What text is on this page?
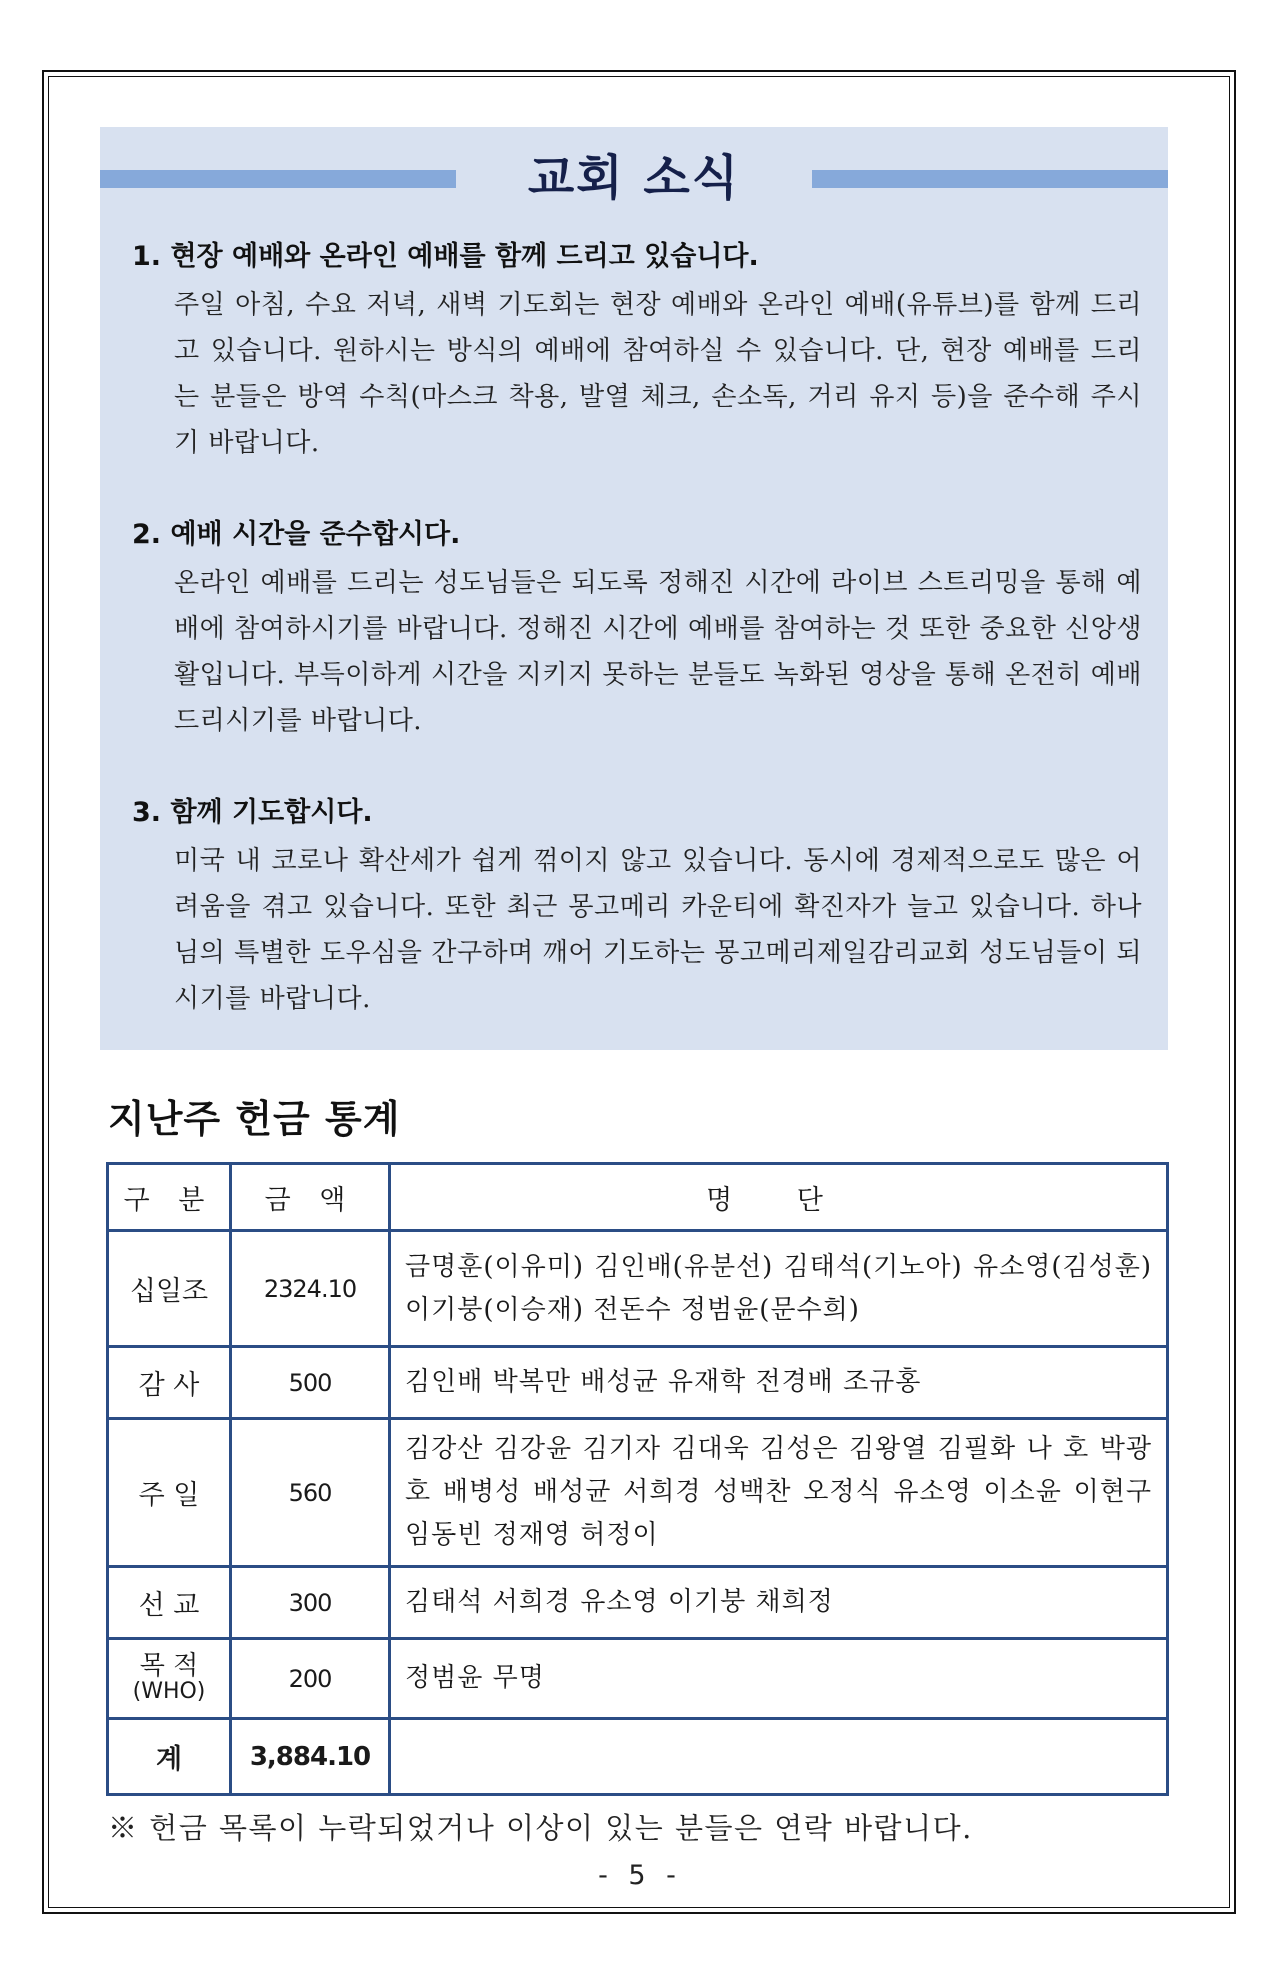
교회 소식

1. 현장 예배와 온라인 예배를 함께 드리고 있습니다.

주일 아침, 수요 저녁, 새벽 기도회는 현장 예배와 온라인 예배(유튜브)를 함께 드리고 있습니다. 원하시는 방식의 예배에 참여하실 수 있습니다. 단, 현장 예배를 드리는 분들은 방역 수칙(마스크 착용, 발열 체크, 손소독, 거리 유지 등)을 준수해 주시기 바랍니다.

2. 예배 시간을 준수합시다.

온라인 예배를 드리는 성도님들은 되도록 정해진 시간에 라이브 스트리밍을 통해 예배에 참여하시기를 바랍니다. 정해진 시간에 예배를 참여하는 것 또한 중요한 신앙생활입니다. 부득이하게 시간을 지키지 못하는 분들도 녹화된 영상을 통해 온전히 예배드리시기를 바랍니다.

3. 함께 기도합시다.

미국 내 코로나 확산세가 쉽게 꺾이지 않고 있습니다. 동시에 경제적으로도 많은 어려움을 겪고 있습니다. 또한 최근 몽고메리 카운티에 확진자가 늘고 있습니다. 하나님의 특별한 도우심을 간구하며 깨어 기도하는 몽고메리제일감리교회 성도님들이 되시기를 바랍니다.

지난주 헌금 통계
구 분	금 액	명 단
십일조	2324.10	금명훈(이유미) 김인배(유분선) 김태석(기노아) 유소영(김성훈) 이기붕(이승재) 전돈수 정범윤(문수희)
감 사	500	김인배 박복만 배성균 유재학 전경배 조규홍
주 일	560	김강산 김강윤 김기자 김대욱 김성은 김왕열 김필화 나 호 박광호 배병성 배성균 서희경 성백찬 오정식 유소영 이소윤 이현구 임동빈 정재영 허정이
선 교	300	김태석 서희경 유소영 이기붕 채희정
목 적
(WHO)	200	정범윤 무명
계	3,884.10	

※ 헌금 목록이 누락되었거나 이상이 있는 분들은 연락 바랍니다.

- 5 -
